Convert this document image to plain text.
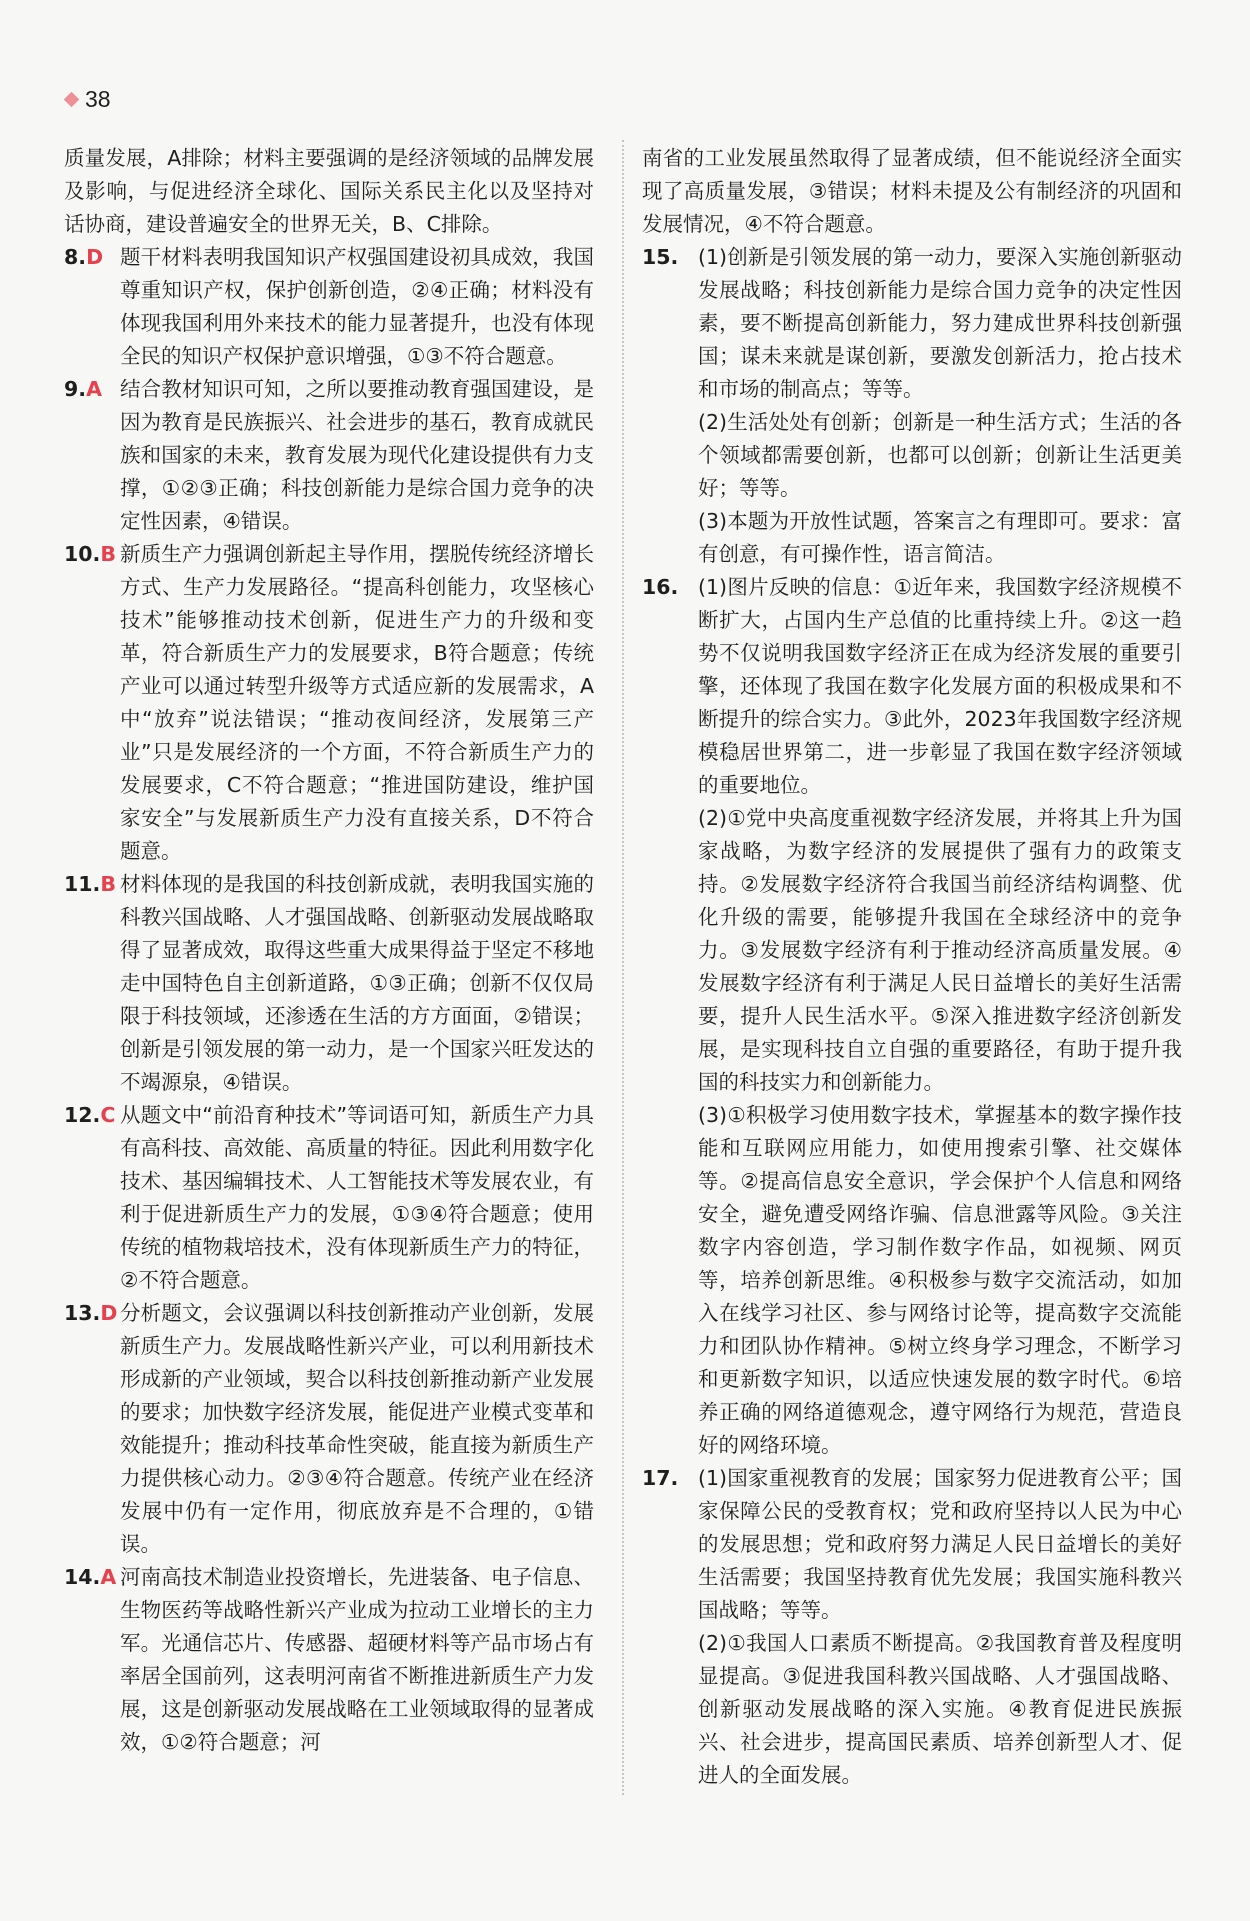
38

质量发展，A排除；材料主要强调的是经济领域的品牌发展及影响，与促进经济全球化、国际关系民主化以及坚持对话协商，建设普遍安全的世界无关，B、C排除。

8.D 题干材料表明我国知识产权强国建设初具成效，我国尊重知识产权，保护创新创造，②④正确；材料没有体现我国利用外来技术的能力显著提升，也没有体现全民的知识产权保护意识增强，①③不符合题意。
9.A 结合教材知识可知，之所以要推动教育强国建设，是因为教育是民族振兴、社会进步的基石，教育成就民族和国家的未来，教育发展为现代化建设提供有力支撑，①②③正确；科技创新能力是综合国力竞争的决定性因素，④错误。
10.B 新质生产力强调创新起主导作用，摆脱传统经济增长方式、生产力发展路径。“提高科创能力，攻坚核心技术”能够推动技术创新，促进生产力的升级和变革，符合新质生产力的发展要求，B符合题意；传统产业可以通过转型升级等方式适应新的发展需求，A中“放弃”说法错误；“推动夜间经济，发展第三产业”只是发展经济的一个方面，不符合新质生产力的发展要求，C不符合题意；“推进国防建设，维护国家安全”与发展新质生产力没有直接关系，D不符合题意。
11.B 材料体现的是我国的科技创新成就，表明我国实施的科教兴国战略、人才强国战略、创新驱动发展战略取得了显著成效，取得这些重大成果得益于坚定不移地走中国特色自主创新道路，①③正确；创新不仅仅局限于科技领域，还渗透在生活的方方面面，②错误；创新是引领发展的第一动力，是一个国家兴旺发达的不竭源泉，④错误。
12.C 从题文中“前沿育种技术”等词语可知，新质生产力具有高科技、高效能、高质量的特征。因此利用数字化技术、基因编辑技术、人工智能技术等发展农业，有利于促进新质生产力的发展，①③④符合题意；使用传统的植物栽培技术，没有体现新质生产力的特征，②不符合题意。
13.D 分析题文，会议强调以科技创新推动产业创新，发展新质生产力。发展战略性新兴产业，可以利用新技术形成新的产业领域，契合以科技创新推动新产业发展的要求；加快数字经济发展，能促进产业模式变革和效能提升；推动科技革命性突破，能直接为新质生产力提供核心动力。②③④符合题意。传统产业在经济发展中仍有一定作用，彻底放弃是不合理的，①错误。
14.A 河南高技术制造业投资增长，先进装备、电子信息、生物医药等战略性新兴产业成为拉动工业增长的主力军。光通信芯片、传感器、超硬材料等产品市场占有率居全国前列，这表明河南省不断推进新质生产力发展，这是创新驱动发展战略在工业领域取得的显著成效，①②符合题意；河

南省的工业发展虽然取得了显著成绩，但不能说经济全面实现了高质量发展，③错误；材料未提及公有制经济的巩固和发展情况，④不符合题意。

15. (1)创新是引领发展的第一动力，要深入实施创新驱动发展战略；科技创新能力是综合国力竞争的决定性因素，要不断提高创新能力，努力建成世界科技创新强国；谋未来就是谋创新，要激发创新活力，抢占技术和市场的制高点；等等。

(2)生活处处有创新；创新是一种生活方式；生活的各个领域都需要创新，也都可以创新；创新让生活更美好；等等。

(3)本题为开放性试题，答案言之有理即可。要求：富有创意，有可操作性，语言简洁。

16. (1)图片反映的信息：①近年来，我国数字经济规模不断扩大，占国内生产总值的比重持续上升。②这一趋势不仅说明我国数字经济正在成为经济发展的重要引擎，还体现了我国在数字化发展方面的积极成果和不断提升的综合实力。③此外，2023年我国数字经济规模稳居世界第二，进一步彰显了我国在数字经济领域的重要地位。

(2)①党中央高度重视数字经济发展，并将其上升为国家战略，为数字经济的发展提供了强有力的政策支持。②发展数字经济符合我国当前经济结构调整、优化升级的需要，能够提升我国在全球经济中的竞争力。③发展数字经济有利于推动经济高质量发展。④发展数字经济有利于满足人民日益增长的美好生活需要，提升人民生活水平。⑤深入推进数字经济创新发展，是实现科技自立自强的重要路径，有助于提升我国的科技实力和创新能力。

(3)①积极学习使用数字技术，掌握基本的数字操作技能和互联网应用能力，如使用搜索引擎、社交媒体等。②提高信息安全意识，学会保护个人信息和网络安全，避免遭受网络诈骗、信息泄露等风险。③关注数字内容创造，学习制作数字作品，如视频、网页等，培养创新思维。④积极参与数字交流活动，如加入在线学习社区、参与网络讨论等，提高数字交流能力和团队协作精神。⑤树立终身学习理念，不断学习和更新数字知识，以适应快速发展的数字时代。⑥培养正确的网络道德观念，遵守网络行为规范，营造良好的网络环境。

17. (1)国家重视教育的发展；国家努力促进教育公平；国家保障公民的受教育权；党和政府坚持以人民为中心的发展思想；党和政府努力满足人民日益增长的美好生活需要；我国坚持教育优先发展；我国实施科教兴国战略；等等。

(2)①我国人口素质不断提高。②我国教育普及程度明显提高。③促进我国科教兴国战略、人才强国战略、创新驱动发展战略的深入实施。④教育促进民族振兴、社会进步，提高国民素质、培养创新型人才、促进人的全面发展。
